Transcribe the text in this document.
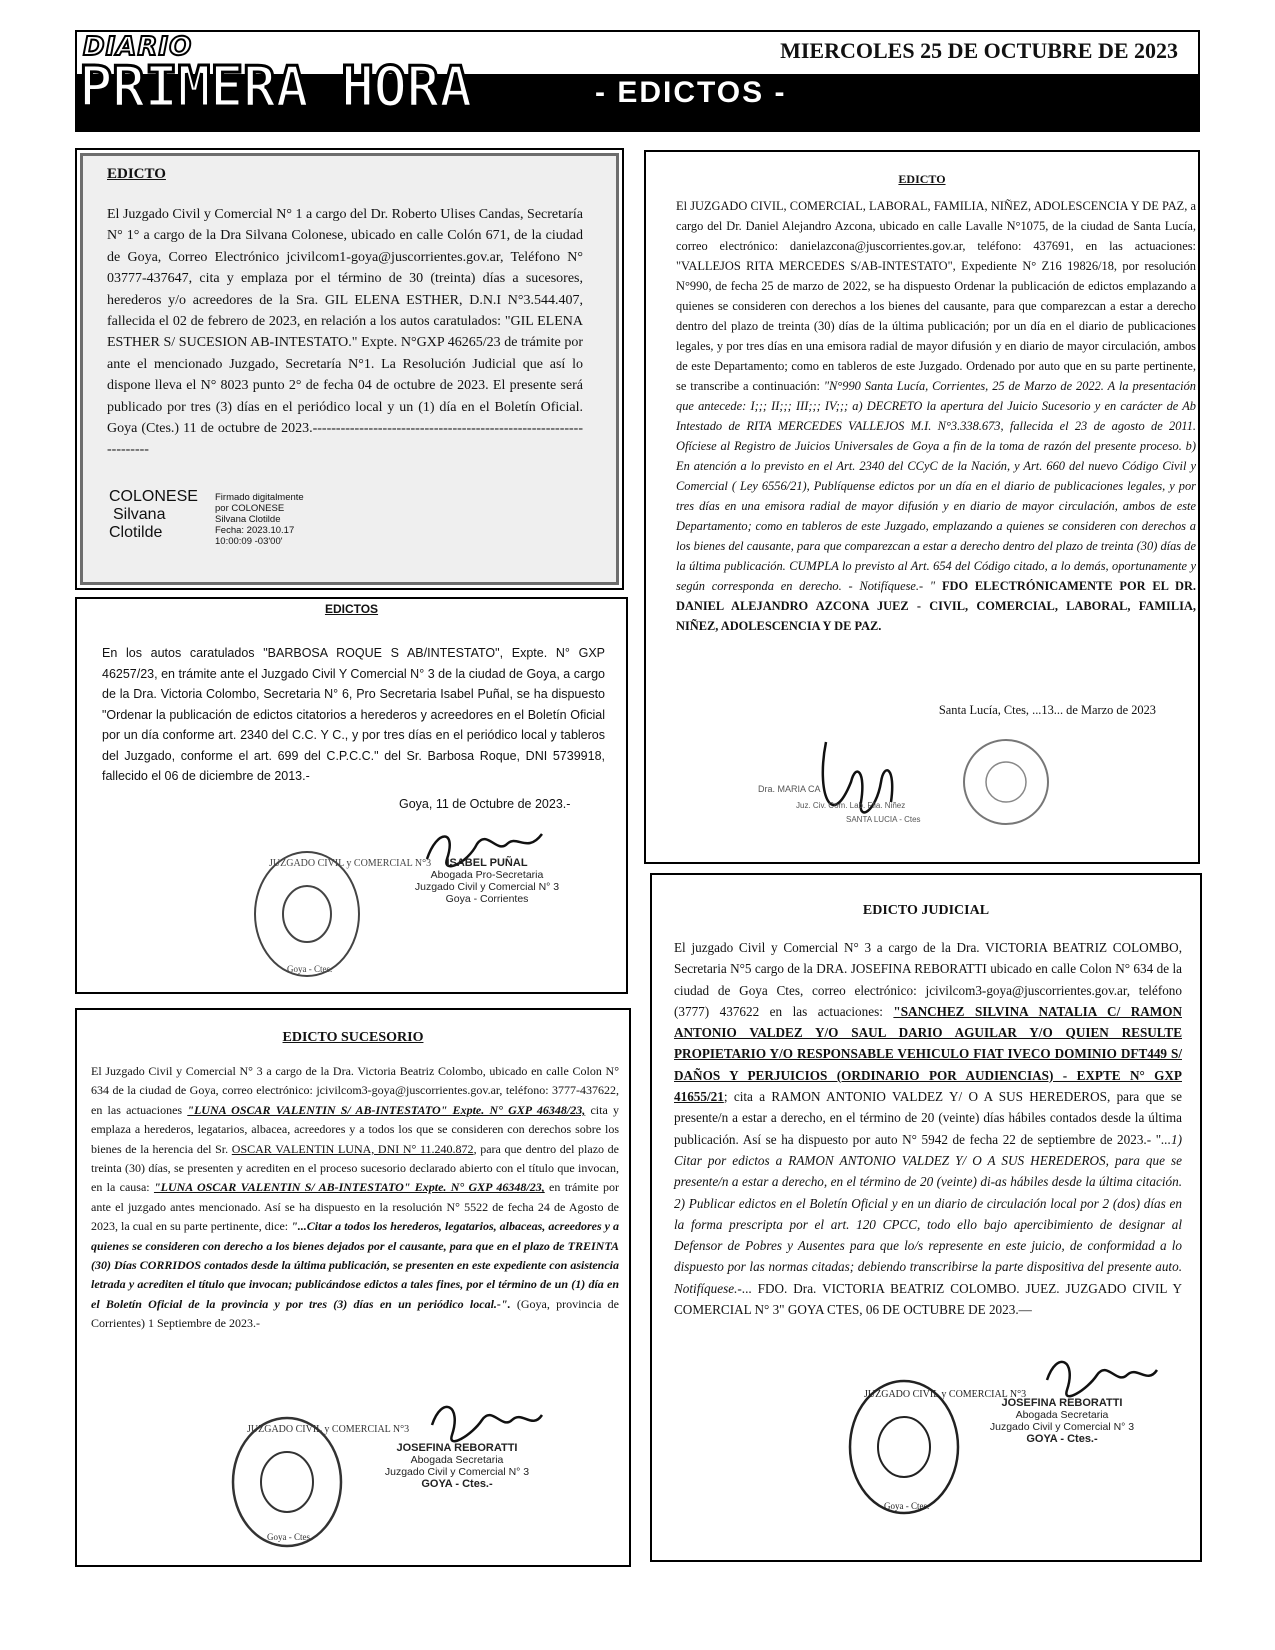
DIARIO
PRIMERA HORA
MIERCOLES 25 DE OCTUBRE DE 2023
- EDICTOS -
EDICTO
El Juzgado Civil y Comercial N° 1 a cargo del Dr. Roberto Ulises Candas, Secretaría N° 1° a cargo de la Dra Silvana Colonese, ubicado en calle Colón 671, de la ciudad de Goya, Correo Electrónico jcivilcom1-goya@juscorrientes.gov.ar, Teléfono N° 03777-437647, cita y emplaza por el término de 30 (treinta) días a sucesores, herederos y/o acreedores de la Sra. GIL ELENA ESTHER, D.N.I N°3.544.407, fallecida el 02 de febrero de 2023, en relación a los autos caratulados: "GIL ELENA ESTHER S/ SUCESION AB-INTESTATO." Expte. N°GXP 46265/23 de trámite por ante el mencionado Juzgado, Secretaría N°1. La Resolución Judicial que así lo dispone lleva el N° 8023 punto 2° de fecha 04 de octubre de 2023. El presente será publicado por tres (3) días en el periódico local y un (1) día en el Boletín Oficial. Goya (Ctes.) 11 de octubre de 2023.-------------------------------------------------------------------
COLONESE
Silvana
Clotilde
Firmado digitalmente
por COLONESE
Silvana Clotilde
Fecha: 2023.10.17
10:00:09 -03'00'
EDICTO
El JUZGADO CIVIL, COMERCIAL, LABORAL, FAMILIA, NIÑEZ, ADOLESCENCIA Y DE PAZ, a cargo del Dr. Daniel Alejandro Azcona, ubicado en calle Lavalle N°1075, de la ciudad de Santa Lucía, correo electrónico: danielazcona@juscorrientes.gov.ar, teléfono: 437691, en las actuaciones: "VALLEJOS RITA MERCEDES S/AB-INTESTATO", Expediente N° Z16 19826/18, por resolución N°990, de fecha 25 de marzo de 2022, se ha dispuesto Ordenar la publicación de edictos emplazando a quienes se consideren con derechos a los bienes del causante, para que comparezcan a estar a derecho dentro del plazo de treinta (30) días de la última publicación; por un día en el diario de publicaciones legales, y por tres días en una emisora radial de mayor difusión y en diario de mayor circulación, ambos de este Departamento; como en tableros de este Juzgado. Ordenado por auto que en su parte pertinente, se transcribe a continuación: "N°990 Santa Lucía, Corrientes, 25 de Marzo de 2022. A la presentación que antecede: I;;; II;;; III;;; IV;;; a) DECRETO la apertura del Juicio Sucesorio y en carácter de Ab Intestado de RITA MERCEDES VALLEJOS M.I. N°3.338.673, fallecida el 23 de agosto de 2011. Ofíciese al Registro de Juicios Universales de Goya a fin de la toma de razón del presente proceso. b) En atención a lo previsto en el Art. 2340 del CCyC de la Nación, y Art. 660 del nuevo Código Civil y Comercial ( Ley 6556/21), Publíquense edictos por un día en el diario de publicaciones legales, y por tres días en una emisora radial de mayor difusión y en diario de mayor circulación, ambos de este Departamento; como en tableros de este Juzgado, emplazando a quienes se consideren con derechos a los bienes del causante, para que comparezcan a estar a derecho dentro del plazo de treinta (30) días de la última publicación. CUMPLA lo previsto al Art. 654 del Código citado, a lo demás, oportunamente y según corresponda en derecho. - Notifíquese.- " FDO ELECTRÓNICAMENTE POR EL DR. DANIEL ALEJANDRO AZCONA JUEZ - CIVIL, COMERCIAL, LABORAL, FAMILIA, NIÑEZ, ADOLESCENCIA Y DE PAZ.
Santa Lucía, Ctes, ...13... de Marzo de 2023
Dra. MARIA CA
Juz. Civ. Com. Lab. Flia. Niñez
SANTA LUCIA - Ctes
EDICTOS
En los autos caratulados "BARBOSA ROQUE S AB/INTESTATO", Expte. N° GXP 46257/23, en trámite ante el Juzgado Civil Y Comercial N° 3 de la ciudad de Goya, a cargo de la Dra. Victoria Colombo, Secretaria N° 6, Pro Secretaria Isabel Puñal, se ha dispuesto "Ordenar la publicación de edictos citatorios a herederos y acreedores en el Boletín Oficial por un día conforme art. 2340 del C.C. Y C., y por tres días en el periódico local y tableros del Juzgado, conforme el art. 699 del C.P.C.C." del Sr. Barbosa Roque, DNI 5739918, fallecido el 06 de diciembre de 2013.-
Goya, 11 de Octubre de 2023.-
JUZGADO CIVIL y COMERCIAL N°3
Goya - Ctes.
ISABEL PUÑAL
Abogada Pro-Secretaria
Juzgado Civil y Comercial N° 3
Goya - Corrientes
EDICTO JUDICIAL
El juzgado Civil y Comercial N° 3 a cargo de la Dra. VICTORIA BEATRIZ COLOMBO, Secretaria N°5 cargo de la DRA. JOSEFINA REBORATTI ubicado en calle Colon N° 634 de la ciudad de Goya Ctes, correo electrónico: jcivilcom3-goya@juscorrientes.gov.ar, teléfono (3777) 437622 en las actuaciones: "SANCHEZ SILVINA NATALIA C/ RAMON ANTONIO VALDEZ Y/O SAUL DARIO AGUILAR Y/O QUIEN RESULTE PROPIETARIO Y/O RESPONSABLE VEHICULO FIAT IVECO DOMINIO DFT449 S/ DAÑOS Y PERJUICIOS (ORDINARIO POR AUDIENCIAS) - EXPTE N° GXP 41655/21; cita a RAMON ANTONIO VALDEZ Y/ O A SUS HEREDEROS, para que se presente/n a estar a derecho, en el término de 20 (veinte) días hábiles contados desde la última publicación. Así se ha dispuesto por auto N° 5942 de fecha 22 de septiembre de 2023.- "...1) Citar por edictos a RAMON ANTONIO VALDEZ Y/ O A SUS HEREDEROS, para que se presente/n a estar a derecho, en el término de 20 (veinte) di-as hábiles desde la última citación. 2) Publicar edictos en el Boletín Oficial y en un diario de circulación local por 2 (dos) días en la forma prescripta por el art. 120 CPCC, todo ello bajo apercibimiento de designar al Defensor de Pobres y Ausentes para que lo/s represente en este juicio, de conformidad a lo dispuesto por las normas citadas; debiendo transcribirse la parte dispositiva del presente auto. Notifíquese.-... FDO. Dra. VICTORIA BEATRIZ COLOMBO. JUEZ. JUZGADO CIVIL Y COMERCIAL N° 3" GOYA CTES, 06 DE OCTUBRE DE 2023.—
JUZGADO CIVIL y COMERCIAL N°3
Goya - Ctes.
JOSEFINA REBORATTI
Abogada Secretaria
Juzgado Civil y Comercial N° 3
GOYA - Ctes.-
EDICTO SUCESORIO
El Juzgado Civil y Comercial N° 3 a cargo de la Dra. Victoria Beatriz Colombo, ubicado en calle Colon N° 634 de la ciudad de Goya, correo electrónico: jcivilcom3-goya@juscorrientes.gov.ar, teléfono: 3777-437622, en las actuaciones "LUNA OSCAR VALENTIN S/ AB-INTESTATO" Expte. N° GXP 46348/23, cita y emplaza a herederos, legatarios, albacea, acreedores y a todos los que se consideren con derechos sobre los bienes de la herencia del Sr. OSCAR VALENTIN LUNA, DNI N° 11.240.872, para que dentro del plazo de treinta (30) días, se presenten y acrediten en el proceso sucesorio declarado abierto con el título que invocan, en la causa: "LUNA OSCAR VALENTIN S/ AB-INTESTATO" Expte. N° GXP 46348/23, en trámite por ante el juzgado antes mencionado. Así se ha dispuesto en la resolución N° 5522 de fecha 24 de Agosto de 2023, la cual en su parte pertinente, dice: "...Citar a todos los herederos, legatarios, albaceas, acreedores y a quienes se consideren con derecho a los bienes dejados por el causante, para que en el plazo de TREINTA (30) Días CORRIDOS contados desde la última publicación, se presenten en este expediente con asistencia letrada y acrediten el título que invocan; publicándose edictos a tales fines, por el término de un (1) día en el Boletín Oficial de la provincia y por tres (3) días en un periódico local.-". (Goya, provincia de Corrientes) 1 Septiembre de 2023.-
JUZGADO CIVIL y COMERCIAL N°3
Goya - Ctes.
JOSEFINA REBORATTI
Abogada Secretaria
Juzgado Civil y Comercial N° 3
GOYA - Ctes.-
